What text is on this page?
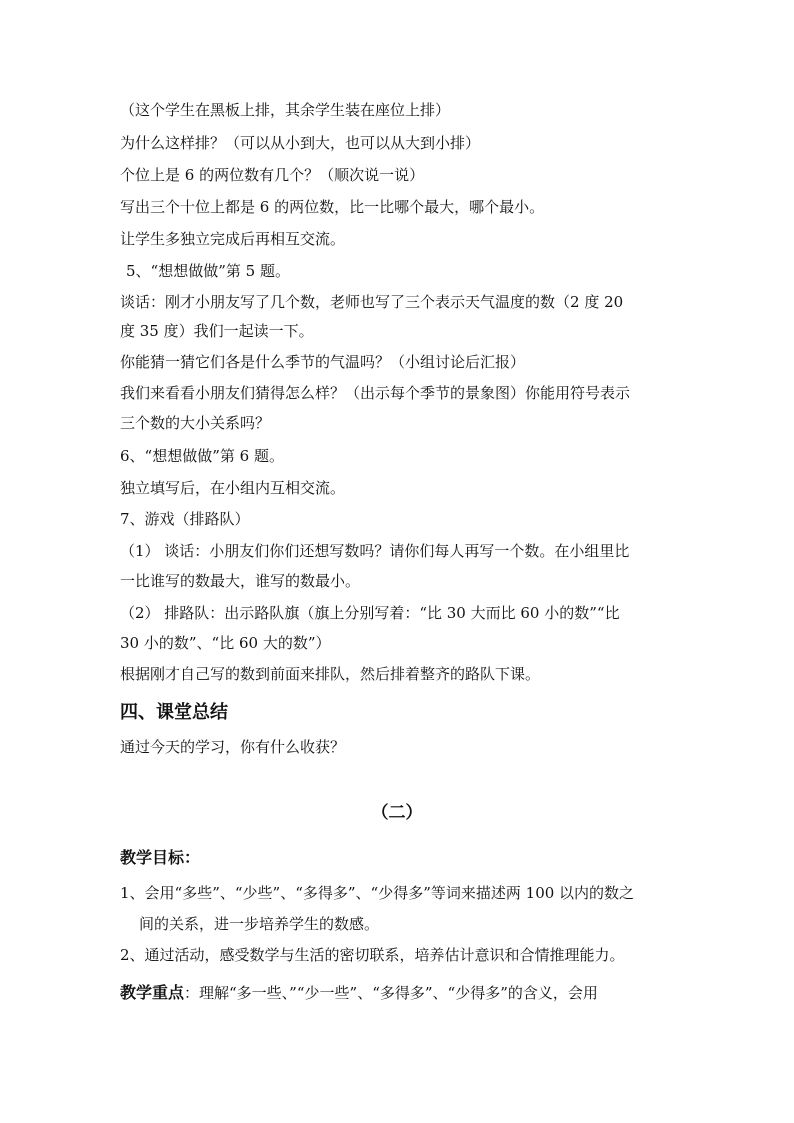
（这个学生在黑板上排，其余学生装在座位上排）
为什么这样排？（可以从小到大，也可以从大到小排）
个位上是 6 的两位数有几个？（顺次说一说）
写出三个十位上都是 6 的两位数，比一比哪个最大，哪个最小。
让学生多独立完成后再相互交流。
5、“想想做做”第 5 题。
谈话：刚才小朋友写了几个数，老师也写了三个表示天气温度的数（2 度 20
度 35 度）我们一起读一下。
你能猜一猜它们各是什么季节的气温吗？（小组讨论后汇报）
我们来看看小朋友们猜得怎么样？（出示每个季节的景象图）你能用符号表示
三个数的大小关系吗？
6、“想想做做”第 6 题。
独立填写后，在小组内互相交流。
7、游戏（排路队）
（1） 谈话：小朋友们你们还想写数吗？请你们每人再写一个数。在小组里比
一比谁写的数最大，谁写的数最小。
（2） 排路队：出示路队旗（旗上分别写着：“比 30 大而比 60 小的数”“比
30 小的数”、“比 60 大的数”）
根据刚才自己写的数到前面来排队，然后排着整齐的路队下课。
四、课堂总结
通过今天的学习，你有什么收获？
（二）
教学目标：
1、会用“多些”、“少些”、“多得多”、“少得多”等词来描述两 100 以内的数之
间的关系，进一步培养学生的数感。
2、通过活动，感受数学与生活的密切联系，培养估计意识和合情推理能力。
教学重点：理解“多一些、”“少一些”、“多得多”、“少得多”的含义，会用
